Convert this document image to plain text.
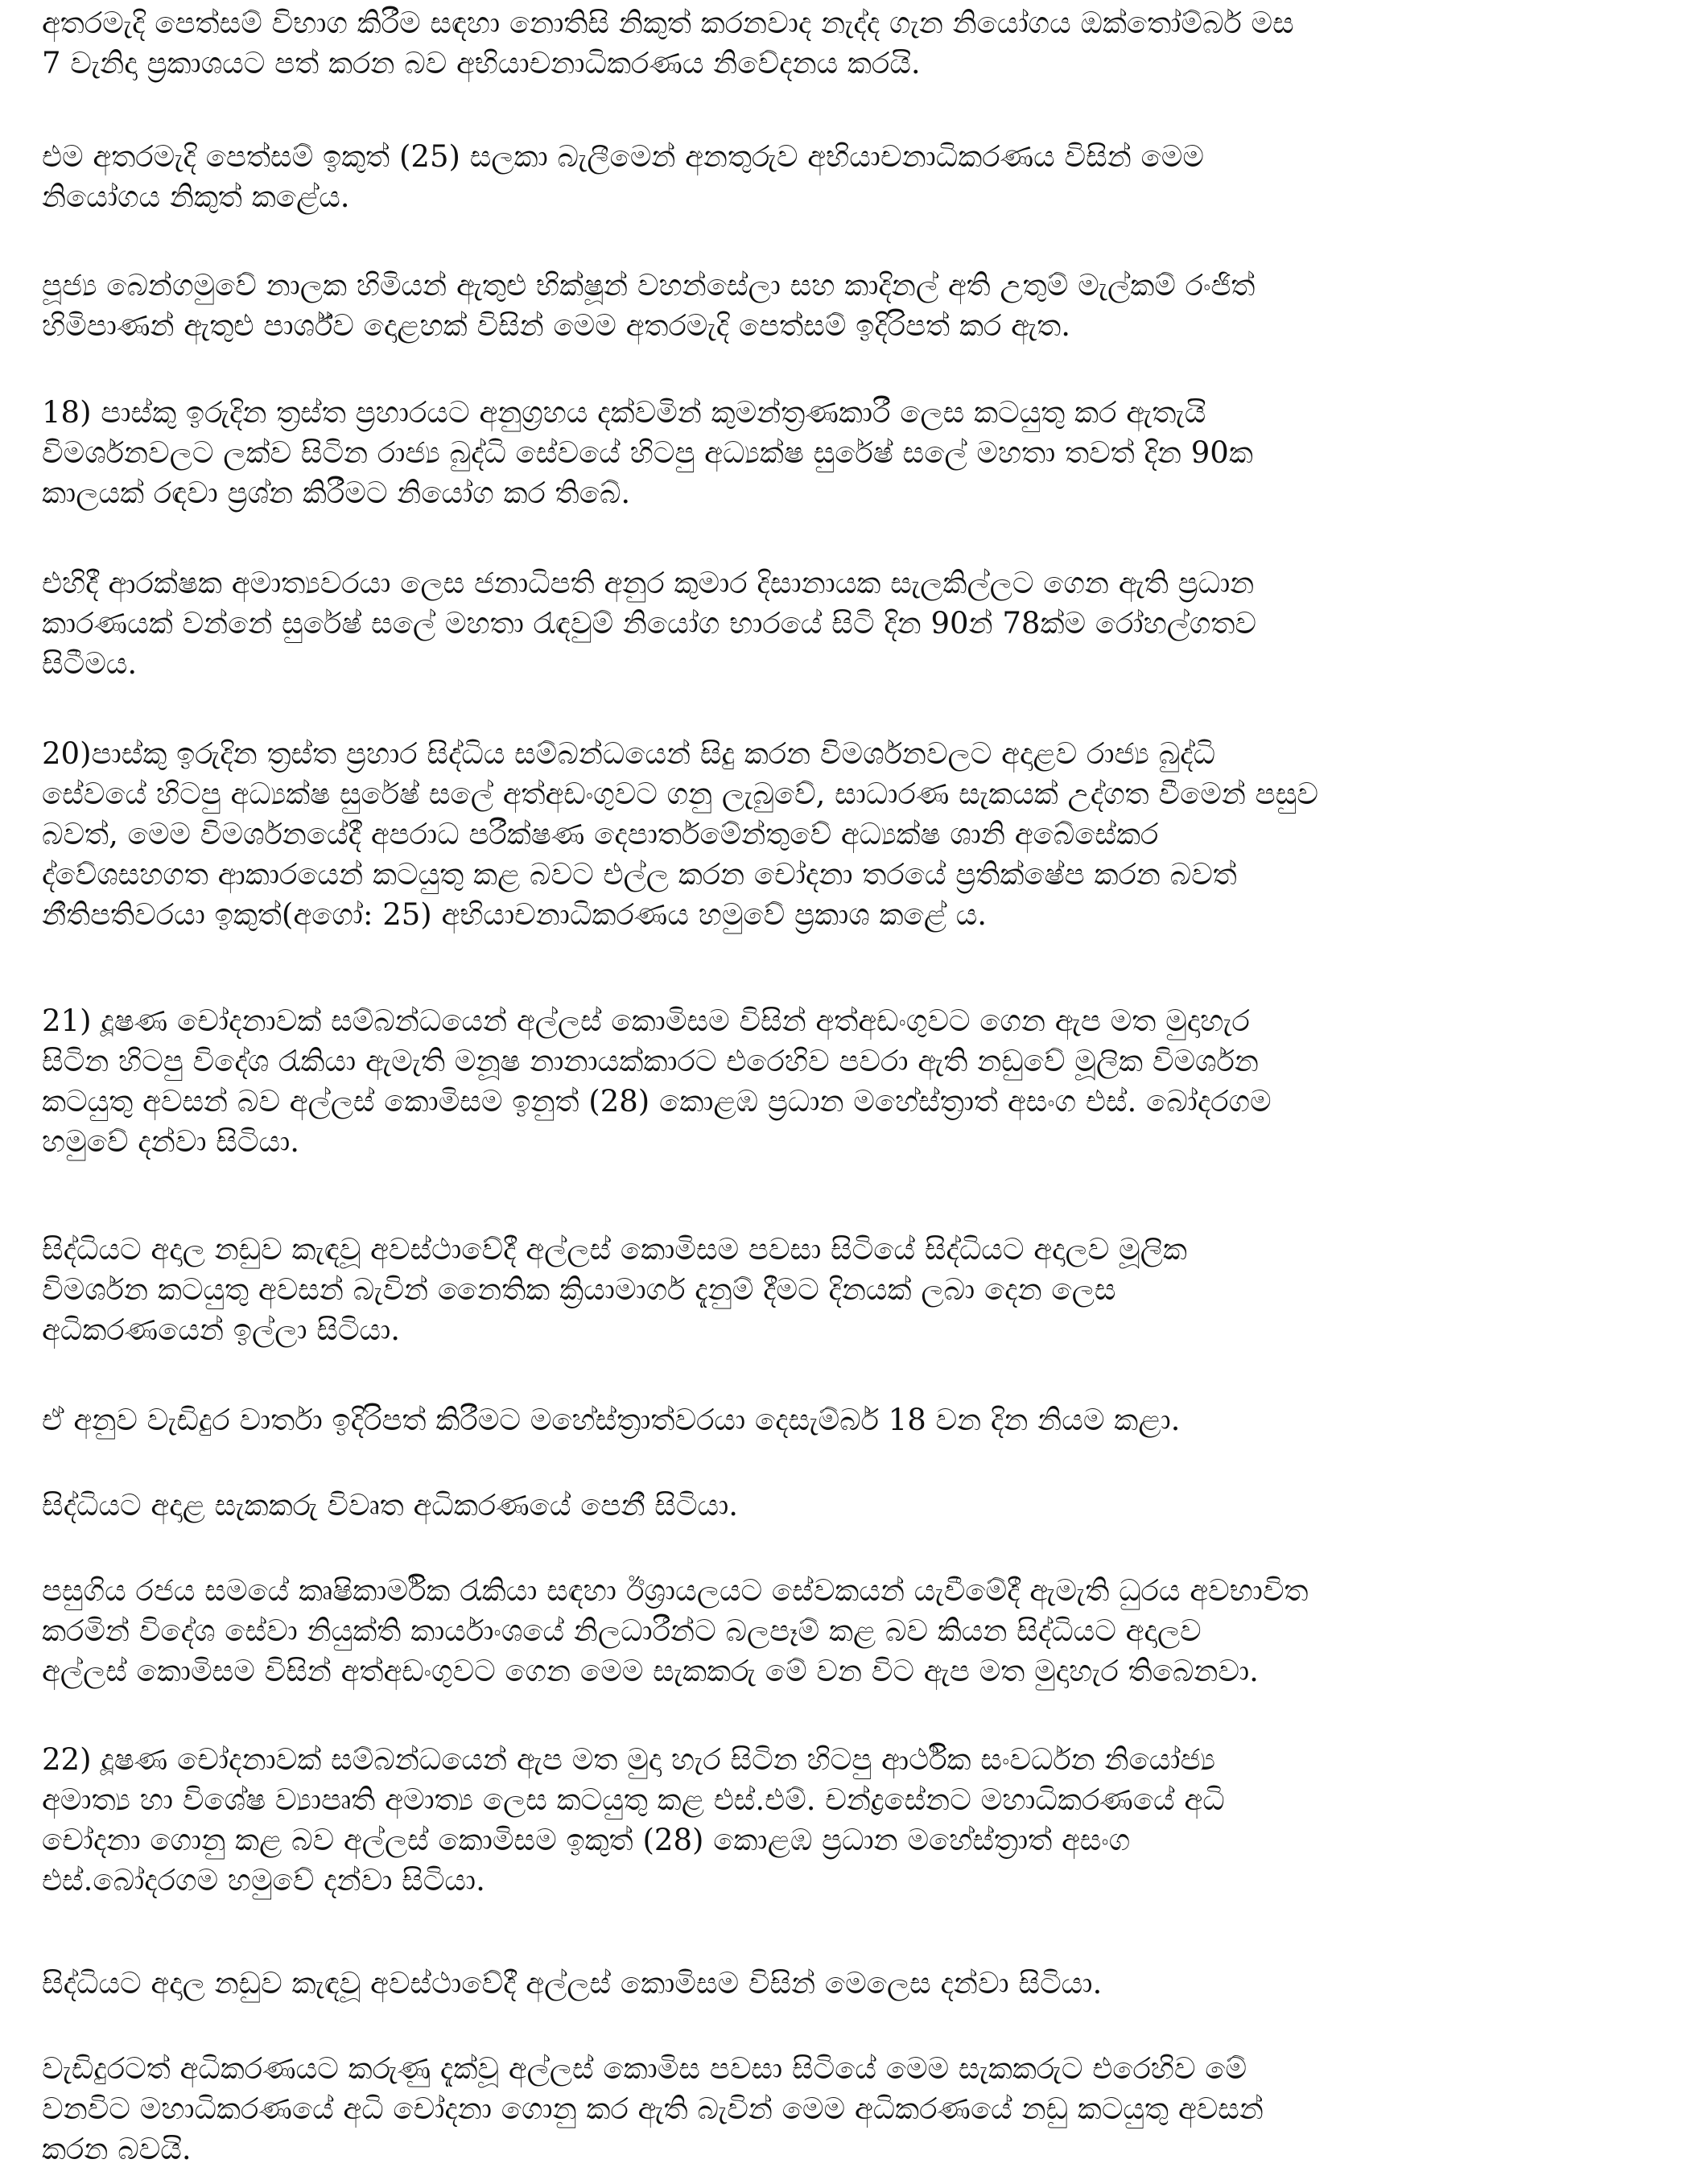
අතරමැදි පෙත්සම් විභාග කිරීම සඳහා නොතිසි නිකුත් කරනවාද නැද්ද ගැන නියෝගය ඔක්තෝම්බර් මස
7 වැනිදා ප්‍රකාශයට පත් කරන බව අභියාචනාධිකරණය නිවේදනය කරයි.

එම අතරමැදි පෙත්සම් ඉකුත් (25) සලකා බැලීමෙන් අනතුරුව අභියාචනාධිකරණය විසින් මෙම
නියෝගය නිකුත් කළේය.

පූජ්‍ය බෙන්ගමුවේ නාලක හිමියන් ඇතුළු භික්ෂූන් වහන්සේලා සහ කාදිනල් අති උතුම් මැල්කම් රංජිත්
හිමිපාණන් ඇතුළු පාර්ශ්ව දොළහක් විසින් මෙම අතරමැදි පෙත්සම් ඉදිරිපත් කර ඇත.

18) පාස්කු ඉරුදින ත්‍රස්ත ප්‍රහාරයට අනුග්‍රහය දක්වමින් කුමන්ත්‍රණකාරී ලෙස කටයුතු කර ඇතැයි
විමර්ශනවලට ලක්ව සිටින රාජ්‍ය බුද්ධි සේවයේ හිටපු අධ්‍යක්ෂ සුරේෂ් සලේ මහතා තවත් දින 90ක
කාලයක් රඳවා ප්‍රශ්න කිරීමට නියෝග කර තිබේ.

එහිදී ආරක්ෂක අමාත්‍යවරයා ලෙස ජනාධිපති අනුර කුමාර දිසානායක සැලකිල්ලට ගෙන ඇති ප්‍රධාන
කාරණයක් වන්නේ සුරේෂ් සලේ මහතා රැඳවුම් නියෝග භාරයේ සිටි දින 90න් 78ක්ම රෝහල්ගතව
සිටීමය.

20)පාස්කු ඉරුදින ත්‍රස්ත ප්‍රහාර සිද්ධිය සම්බන්ධයෙන් සිදු කරන විමර්ශනවලට අදාළව රාජ්‍ය බුද්ධි
සේවයේ හිටපු අධ්‍යක්ෂ සුරේෂ් සලේ අත්අඩංගුවට ගනු ලැබුවේ, සාධාරණ සැකයක් උද්ගත වීමෙන් පසුව
බවත්, මෙම විමර්ශනයේදී අපරාධ පරීක්ෂණ දෙපාර්තමේන්තුවේ අධ්‍යක්ෂ ශානි අබේසේකර
ද්වේශසහගත ආකාරයෙන් කටයුතු කළ බවට එල්ල කරන චෝදනා තරයේ ප්‍රතික්ෂේප කරන බවත්
නීතිපතිවරයා ඉකුත්(අගෝ: 25) අභියාචනාධිකරණය හමුවේ ප්‍රකාශ කළේ ය.

21) දූෂණ චෝදනාවක් සම්බන්ධයෙන් අල්ලස් කොමිසම විසින් අත්අඩංගුවට ගෙන ඇප මත මුදාහැර
සිටින හිටපු විදේශ රැකියා ඇමැති මනූෂ නානායක්කාරට එරෙහිව පවරා ඇති නඩුවේ මූලික විමර්ශන
කටයුතු අවසන් බව අල්ලස් කොමිසම ඉනුත් (28) කොළඹ ප්‍රධාන මහේස්ත්‍රාත් අසංග එස්. බෝදරගම
හමුවේ දන්වා සිටියා.

සිද්ධියට අදාල නඩුව කැඳවූ අවස්ථාවේදී අල්ලස් කොමිසම පවසා සිටියේ සිද්ධියට අදාලව මූලික
විමර්ශන කටයුතු අවසන් බැවින් නෛතික ක්‍රියාමාර්ග දැනුම් දීමට දිනයක් ලබා දෙන ලෙස
අධිකරණයෙන් ඉල්ලා සිටියා.

ඒ අනුව වැඩිදුර වාර්තා ඉදිරිපත් කිරීමට මහේස්ත්‍රාත්වරයා දෙසැම්බර් 18 වන දින නියම කළා.

සිද්ධියට අදාළ සැකකරු විවෘත අධිකරණයේ පෙනී සිටියා.

පසුගිය රජය සමයේ කෘෂිකාර්මික රැකියා සඳහා ඊශ්‍රායලයට සේවකයන් යැවීමේදී ඇමැති ධුරය අවභාවිත
කරමින් විදේශ සේවා නියුක්ති කාර්යාංශයේ නිලධාරීන්ට බලපෑම් කළ බව කියන සිද්ධියට අදාලව
අල්ලස් කොමිසම විසින් අත්අඩංගුවට ගෙන මෙම සැකකරු මේ වන විට ඇප මත මුදාහැර තිබෙනවා.

22) දූෂණ චෝදනාවක් සම්බන්ධයෙන් ඇප මත මුදා හැර සිටින හිටපු ආර්ථික සංවර්ධන නියෝජ්‍ය
අමාත්‍ය හා විශේෂ ව්‍යාපෘති අමාත්‍ය ලෙස කටයුතු කළ එස්.එම්. චන්ද්‍රසේනට මහාධිකරණයේ අධි
චෝදනා ගොනු කළ බව අල්ලස් කොමිසම ඉකුත් (28) කොළඹ ප්‍රධාන මහේස්ත්‍රාත් අසංග
එස්.බෝදරගම හමුවේ දන්වා සිටියා.

සිද්ධියට අදාල නඩුව කැඳවූ අවස්ථාවේදී අල්ලස් කොමිසම විසින් මෙලෙස දන්වා සිටියා.

වැඩිදුරටත් අධිකරණයට කරුණු දැක්වූ අල්ලස් කොමිස පවසා සිටියේ මෙම සැකකරුට එරෙහිව මේ
වනවිට මහාධිකරණයේ අධි චෝදනා ගොනු කර ඇති බැවින් මෙම අධිකරණයේ නඩු කටයුතු අවසන්
කරන බවයි.
